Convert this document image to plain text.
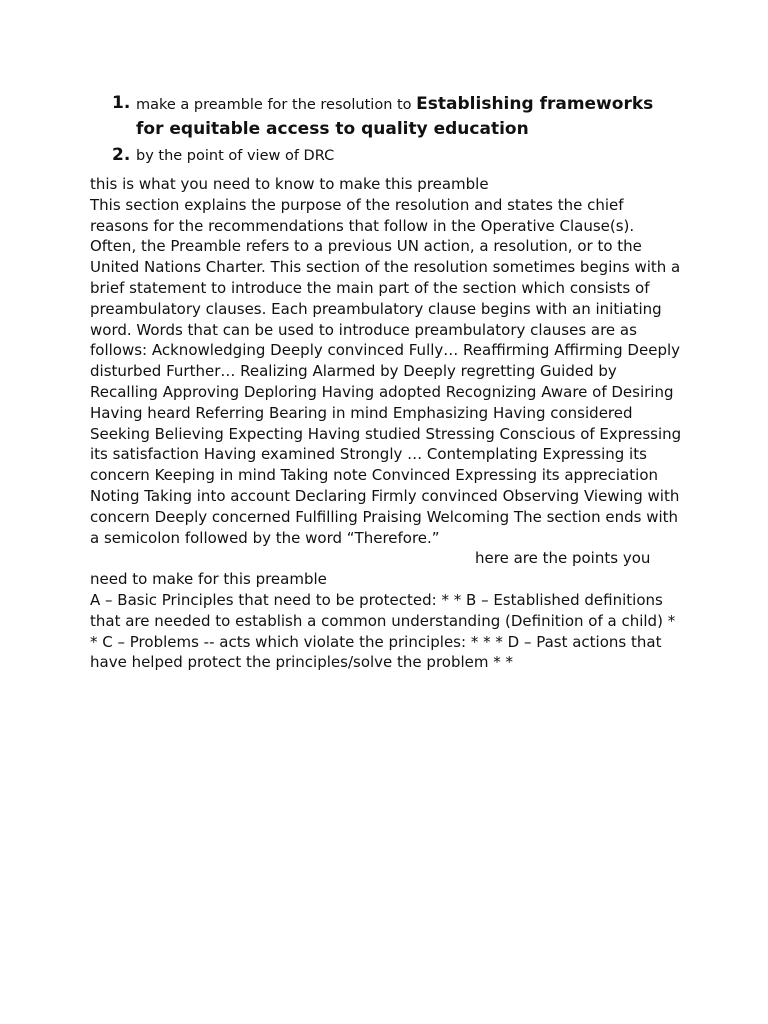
1. make a preamble for the resolution to Establishing frameworks for equitable access to quality education
2. by the point of view of DRC

this is what you need to know to make this preamble

This section explains the purpose of the resolution and states the chief reasons for the recommendations that follow in the Operative Clause(s). Often, the Preamble refers to a previous UN action, a resolution, or to the United Nations Charter. This section of the resolution sometimes begins with a brief statement to introduce the main part of the section which consists of preambulatory clauses. Each preambulatory clause begins with an initiating word. Words that can be used to introduce preambulatory clauses are as follows: Acknowledging Deeply convinced Fully… Reaffirming Affirming Deeply disturbed Further… Realizing Alarmed by Deeply regretting Guided by Recalling Approving Deploring Having adopted Recognizing Aware of Desiring Having heard Referring Bearing in mind Emphasizing Having considered Seeking Believing Expecting Having studied Stressing Conscious of Expressing its satisfaction Having examined Strongly … Contemplating Expressing its concern Keeping in mind Taking note Convinced Expressing its appreciation Noting Taking into account Declaring Firmly convinced Observing Viewing with concern Deeply concerned Fulfilling Praising Welcoming The section ends with a semicolon followed by the word “Therefore.”here are the points you need to make for this preamble

A – Basic Principles that need to be protected: * * B – Established definitions that are needed to establish a common understanding (Definition of a child) * * C – Problems -- acts which violate the principles: * * * D – Past actions that have helped protect the principles/solve the problem * *
